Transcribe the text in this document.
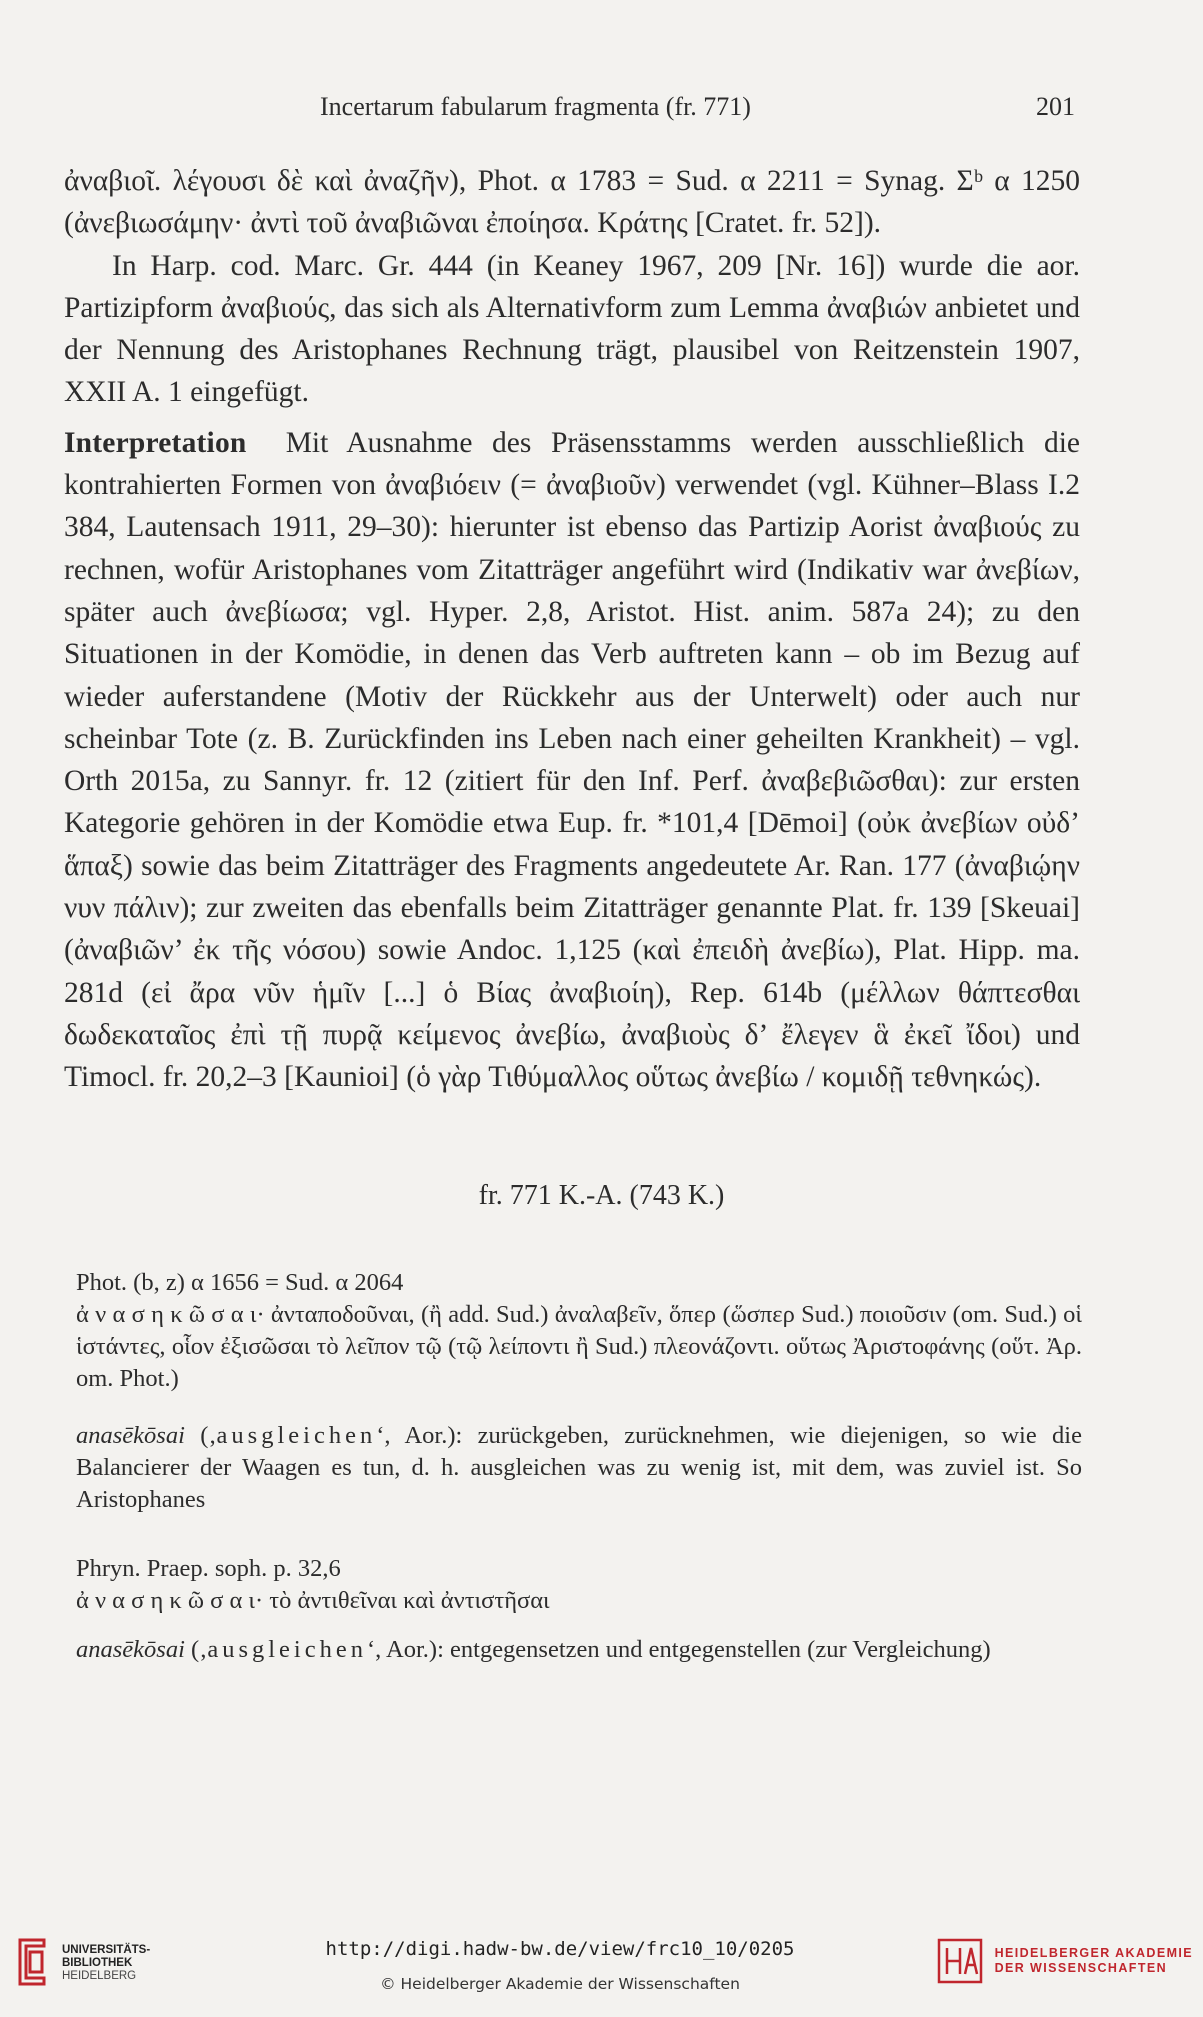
Incertarum fabularum fragmenta (fr. 771)	201

ἀναβιοῖ. λέγουσι δὲ καὶ ἀναζῆν), Phot. α 1783 = Sud. α 2211 = Synag. Σᵇ α 1250 (ἀνεβιωσάμην· ἀντὶ τοῦ ἀναβιῶναι ἐποίησα. Κράτης [Cratet. fr. 52]).

In Harp. cod. Marc. Gr. 444 (in Keaney 1967, 209 [Nr. 16]) wurde die aor. Partizipform ἀναβιούς, das sich als Alternativform zum Lemma ἀναβιών anbietet und der Nennung des Aristophanes Rechnung trägt, plausibel von Reitzenstein 1907, XXII A. 1 eingefügt.

Interpretation Mit Ausnahme des Präsensstamms werden ausschließlich die kontrahierten Formen von ἀναβιόειν (= ἀναβιοῦν) verwendet (vgl. Kühner–Blass I.2 384, Lautensach 1911, 29–30): hierunter ist ebenso das Partizip Aorist ἀναβιούς zu rechnen, wofür Aristophanes vom Zitatträger angeführt wird (Indikativ war ἀνεβίων, später auch ἀνεβίωσα; vgl. Hyper. 2,8, Aristot. Hist. anim. 587a 24); zu den Situationen in der Komödie, in denen das Verb auftreten kann – ob im Bezug auf wieder auferstandene (Motiv der Rückkehr aus der Unterwelt) oder auch nur scheinbar Tote (z. B. Zurückfinden ins Leben nach einer geheilten Krankheit) – vgl. Orth 2015a, zu Sannyr. fr. 12 (zitiert für den Inf. Perf. ἀναβεβιῶσθαι): zur ersten Kategorie gehören in der Komödie etwa Eup. fr. *101,4 [Dēmoi] (οὐκ ἀνεβίων οὐδ’ ἅπαξ) sowie das beim Zitatträger des Fragments angedeutete Ar. Ran. 177 (ἀναβιῴην νυν πάλιν); zur zweiten das ebenfalls beim Zitatträger genannte Plat. fr. 139 [Skeuai] (ἀναβιῶν’ ἐκ τῆς νόσου) sowie Andoc. 1,125 (καὶ ἐπειδὴ ἀνεβίω), Plat. Hipp. ma. 281d (εἰ ἄρα νῦν ἡμῖν [...] ὁ Βίας ἀναβιοίη), Rep. 614b (μέλλων θάπτεσθαι δωδεκαταῖος ἐπὶ τῇ πυρᾷ κείμενος ἀνεβίω, ἀναβιοὺς δ’ ἔλεγεν ἃ ἐκεῖ ἴδοι) und Timocl. fr. 20,2–3 [Kaunioi] (ὁ γὰρ Τιθύμαλλος οὕτως ἀνεβίω / κομιδῇ τεθνηκώς).

fr. 771 K.-A. (743 K.)

Phot. (b, z) α 1656 = Sud. α 2064

ἀ ν α σ η κ ῶ σ α ι· ἀνταποδοῦναι, (ἢ add. Sud.) ἀναλαβεῖν, ὅπερ (ὥσπερ Sud.) ποιοῦσιν (om. Sud.) οἱ ἱστάντες, οἷον ἐξισῶσαι τὸ λεῖπον τῷ (τῷ λείποντι ἢ Sud.) πλεονάζοντι. οὕτως Ἀριστοφάνης (οὕτ. Ἀρ. om. Phot.)

anasēkōsai (‚ausgleichen‘, Aor.): zurückgeben, zurücknehmen, wie diejenigen, so wie die Balancierer der Waagen es tun, d. h. ausgleichen was zu wenig ist, mit dem, was zuviel ist. So Aristophanes

Phryn. Praep. soph. p. 32,6

ἀ ν α σ η κ ῶ σ α ι· τὸ ἀντιθεῖναι καὶ ἀντιστῆσαι

anasēkōsai (‚ausgleichen‘, Aor.): entgegensetzen und entgegenstellen (zur Vergleichung)

UNIVERSITÄTS-
BIBLIOTHEK
HEIDELBERG
http://digi.hadw-bw.de/view/frc10_10/0205
© Heidelberger Akademie der Wissenschaften
HEIDELBERGER AKADEMIE
DER WISSENSCHAFTEN
